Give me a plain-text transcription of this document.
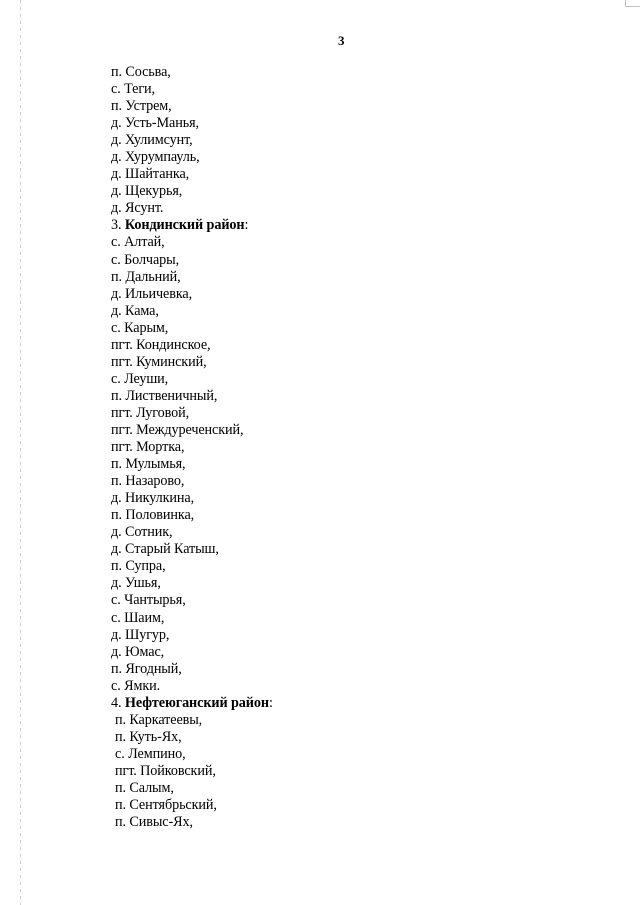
3
п. Сосьва,
с. Теги,
п. Устрем,
д. Усть-Манья,
д. Хулимсунт,
д. Хурумпауль,
д. Шайтанка,
д. Щекурья,
д. Ясунт.
3. Кондинский район:
с. Алтай,
с. Болчары,
п. Дальний,
д. Ильичевка,
д. Кама,
с. Карым,
пгт. Кондинское,
пгт. Куминский,
с. Леуши,
п. Лиственичный,
пгт. Луговой,
пгт. Междуреченский,
пгт. Мортка,
п. Мулымья,
п. Назарово,
д. Никулкина,
п. Половинка,
д. Сотник,
д. Старый Катыш,
п. Супра,
д. Ушья,
с. Чантырья,
с. Шаим,
д. Шугур,
д. Юмас,
п. Ягодный,
с. Ямки.
4. Нефтеюганский район:
п. Каркатеевы,
п. Куть-Ях,
с. Лемпино,
пгт. Пойковский,
п. Салым,
п. Сентябрьский,
п. Сивыс-Ях,
